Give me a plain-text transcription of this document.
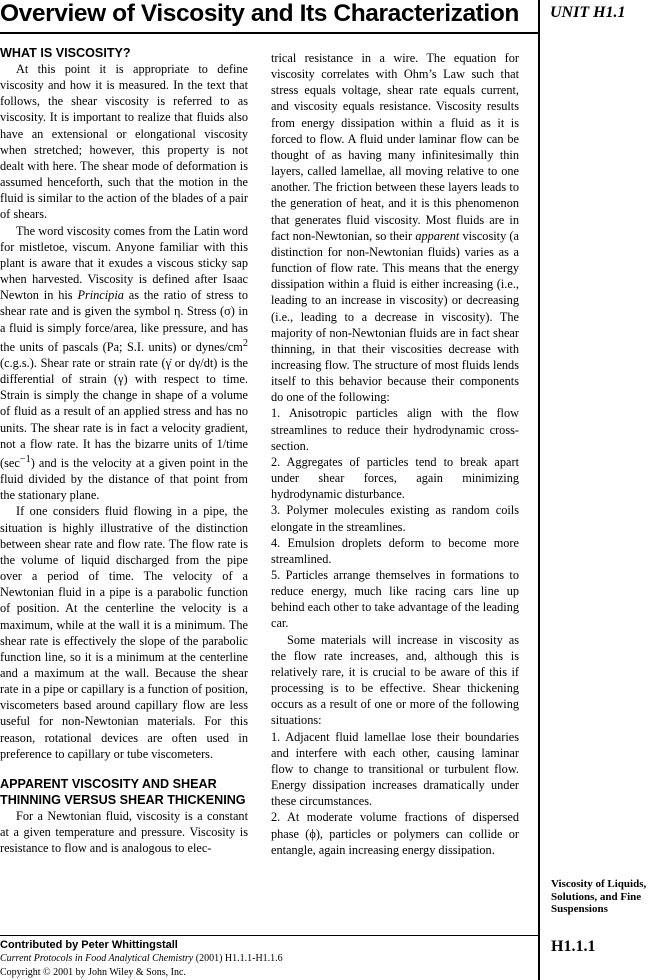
Overview of Viscosity and Its Characterization	UNIT H1.1
WHAT IS VISCOSITY?

At this point it is appropriate to define viscosity and how it is measured. In the text that follows, the shear viscosity is referred to as viscosity. It is important to realize that fluids also have an extensional or elongational viscosity when stretched; however, this property is not dealt with here. The shear mode of deformation is assumed henceforth, such that the motion in the fluid is similar to the action of the blades of a pair of shears.

The word viscosity comes from the Latin word for mistletoe, viscum. Anyone familiar with this plant is aware that it exudes a viscous sticky sap when harvested. Viscosity is defined after Isaac Newton in his Principia as the ratio of stress to shear rate and is given the symbol η. Stress (σ) in a fluid is simply force/area, like pressure, and has the units of pascals (Pa; S.I. units) or dynes/$cm^2$ (c.g.s.). Shear rate or strain rate (γ̇ or dγ/dt) is the differential of strain (γ) with respect to time. Strain is simply the change in shape of a volume of fluid as a result of an applied stress and has no units. The shear rate is in fact a velocity gradient, not a flow rate. It has the bizarre units of 1/time $(\sec^{-1})$ and is the velocity at a given point in the fluid divided by the distance of that point from the stationary plane.

If one considers fluid flowing in a pipe, the situation is highly illustrative of the distinction between shear rate and flow rate. The flow rate is the volume of liquid discharged from the pipe over a period of time. The velocity of a Newtonian fluid in a pipe is a parabolic function of position. At the centerline the velocity is a maximum, while at the wall it is a minimum. The shear rate is effectively the slope of the parabolic function line, so it is a minimum at the centerline and a maximum at the wall. Because the shear rate in a pipe or capillary is a function of position, viscometers based around capillary flow are less useful for non-Newtonian materials. For this reason, rotational devices are often used in preference to capillary or tube viscometers.

APPARENT VISCOSITY AND SHEAR THINNING VERSUS SHEAR THICKENING

For a Newtonian fluid, viscosity is a constant at a given temperature and pressure. Viscosity is resistance to flow and is analogous to elec-

trical resistance in a wire. The equation for viscosity correlates with Ohm’s Law such that stress equals voltage, shear rate equals current, and viscosity equals resistance. Viscosity results from energy dissipation within a fluid as it is forced to flow. A fluid under laminar flow can be thought of as having many infinitesimally thin layers, called lamellae, all moving relative to one another. The friction between these layers leads to the generation of heat, and it is this phenomenon that generates fluid viscosity. Most fluids are in fact non-Newtonian, so their apparent viscosity (a distinction for non-Newtonian fluids) varies as a function of flow rate. This means that the energy dissipation within a fluid is either increasing (i.e., leading to an increase in viscosity) or decreasing (i.e., leading to a decrease in viscosity). The majority of non-Newtonian fluids are in fact shear thinning, in that their viscosities decrease with increasing flow. The structure of most fluids lends itself to this behavior because their components do one of the following:

1. Anisotropic particles align with the flow streamlines to reduce their hydrodynamic cross-section.

2. Aggregates of particles tend to break apart under shear forces, again minimizing hydrodynamic disturbance.

3. Polymer molecules existing as random coils elongate in the streamlines.

4. Emulsion droplets deform to become more streamlined.

5. Particles arrange themselves in formations to reduce energy, much like racing cars line up behind each other to take advantage of the leading car.

Some materials will increase in viscosity as the flow rate increases, and, although this is relatively rare, it is crucial to be aware of this if processing is to be effective. Shear thickening occurs as a result of one or more of the following situations:

1. Adjacent fluid lamellae lose their boundaries and interfere with each other, causing laminar flow to change to transitional or turbulent flow. Energy dissipation increases dramatically under these circumstances.

2. At moderate volume fractions of dispersed phase (ϕ), particles or polymers can collide or entangle, again increasing energy dissipation.

Viscosity of Liquids, Solutions, and Fine Suspensions
H1.1.1
Contributed by Peter Whittingstall
Current Protocols in Food Analytical Chemistry (2001) H1.1.1-H1.1.6
Copyright © 2001 by John Wiley & Sons, Inc.
